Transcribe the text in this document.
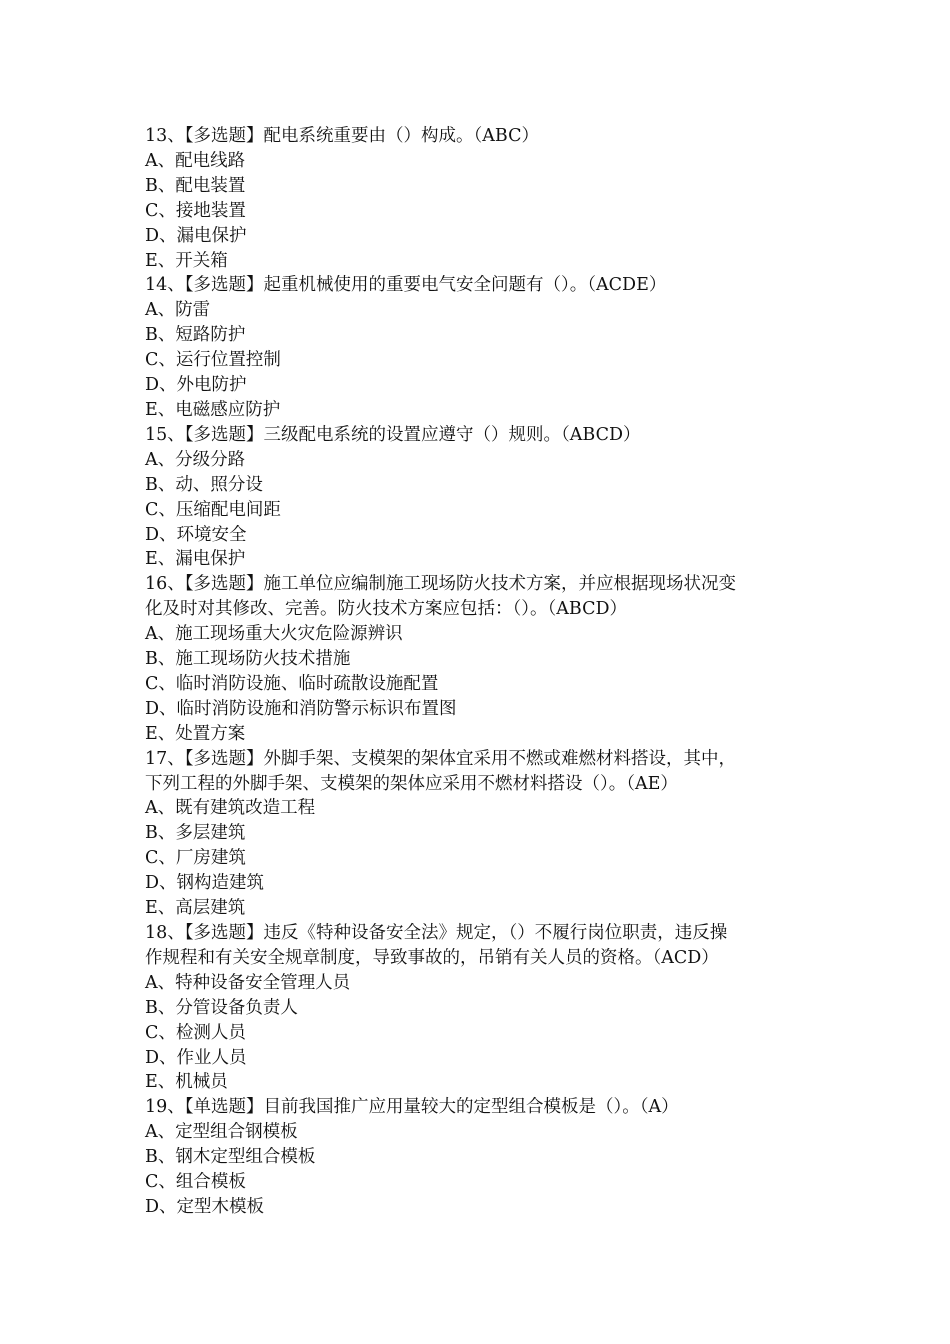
13、【多选题】配电系统重要由（）构成。（ABC）
A、配电线路
B、配电装置
C、接地装置
D、漏电保护
E、开关箱
14、【多选题】起重机械使用的重要电气安全问题有（）。（ACDE）
A、防雷
B、短路防护
C、运行位置控制
D、外电防护
E、电磁感应防护
15、【多选题】三级配电系统的设置应遵守（）规则。（ABCD）
A、分级分路
B、动、照分设
C、压缩配电间距
D、环境安全
E、漏电保护
16、【多选题】施工单位应编制施工现场防火技术方案，并应根据现场状况变
化及时对其修改、完善。防火技术方案应包括：（）。（ABCD）
A、施工现场重大火灾危险源辨识
B、施工现场防火技术措施
C、临时消防设施、临时疏散设施配置
D、临时消防设施和消防警示标识布置图
E、处置方案
17、【多选题】外脚手架、支模架的架体宜采用不燃或难燃材料搭设，其中，
下列工程的外脚手架、支模架的架体应采用不燃材料搭设（）。（AE）
A、既有建筑改造工程
B、多层建筑
C、厂房建筑
D、钢构造建筑
E、高层建筑
18、【多选题】违反《特种设备安全法》规定，（）不履行岗位职责，违反操
作规程和有关安全规章制度，导致事故的，吊销有关人员的资格。（ACD）
A、特种设备安全管理人员
B、分管设备负责人
C、检测人员
D、作业人员
E、机械员
19、【单选题】目前我国推广应用量较大的定型组合模板是（）。（A）
A、定型组合钢模板
B、钢木定型组合模板
C、组合模板
D、定型木模板
